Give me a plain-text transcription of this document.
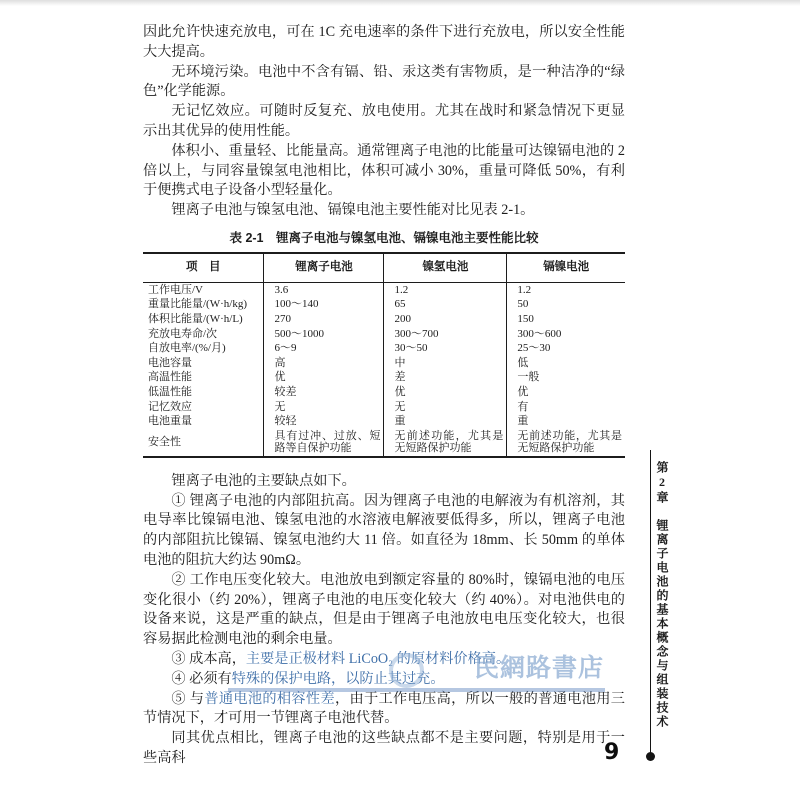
因此允许快速充放电，可在 1C 充电速率的条件下进行充放电，所以安全性能大大提高。

无环境污染。电池中不含有镉、铅、汞这类有害物质，是一种洁净的“绿色”化学能源。

无记忆效应。可随时反复充、放电使用。尤其在战时和紧急情况下更显示出其优异的使用性能。

体积小、重量轻、比能量高。通常锂离子电池的比能量可达镍镉电池的 2 倍以上，与同容量镍氢电池相比，体积可减小 30%，重量可降低 50%，有利于便携式电子设备小型轻量化。

锂离子电池与镍氢电池、镉镍电池主要性能对比见表 2-1。

表 2-1　锂离子电池与镍氢电池、镉镍电池主要性能比较
项　目	锂离子电池	镍氢电池	镉镍电池
工作电压/V	3.6	1.2	1.2
重量比能量/(W·h/kg)	100～140	65	50
体积比能量/(W·h/L)	270	200	150
充放电寿命/次	500～1000	300～700	300～600
自放电率/(%/月)	6～9	30～50	25～30
电池容量	高	中	低
高温性能	优	差	一般
低温性能	较差	优	优
记忆效应	无	无	有
电池重量	较轻	重	重
安全性	具有过冲、过放、短路等自保护功能	无前述功能，尤其是无短路保护功能	无前述功能，尤其是无短路保护功能

锂离子电池的主要缺点如下。

① 锂离子电池的内部阻抗高。因为锂离子电池的电解液为有机溶剂，其电导率比镍镉电池、镍氢电池的水溶液电解液要低得多，所以，锂离子电池的内部阻抗比镍镉、镍氢电池约大 11 倍。如直径为 18mm、长 50mm 的单体电池的阻抗大约达 90mΩ。

② 工作电压变化较大。电池放电到额定容量的 80%时，镍镉电池的电压变化很小（约 20%），锂离子电池的电压变化较大（约 40%）。对电池供电的设备来说，这是严重的缺点，但是由于锂离子电池放电电压变化较大，也很容易据此检测电池的剩余电量。

③ 成本高，主要是正极材料 LiCoO₂ 的原材料价格高。

④ 必须有特殊的保护电路，以防止其过充。

⑤ 与普通电池的相容性差，由于工作电压高，所以一般的普通电池用三节情况下，才可用一节锂离子电池代替。

同其优点相比，锂离子电池的这些缺点都不是主要问题，特别是用于一些高科

第2章
锂离子电池的基本概念与组装技术
9
民網路書店
